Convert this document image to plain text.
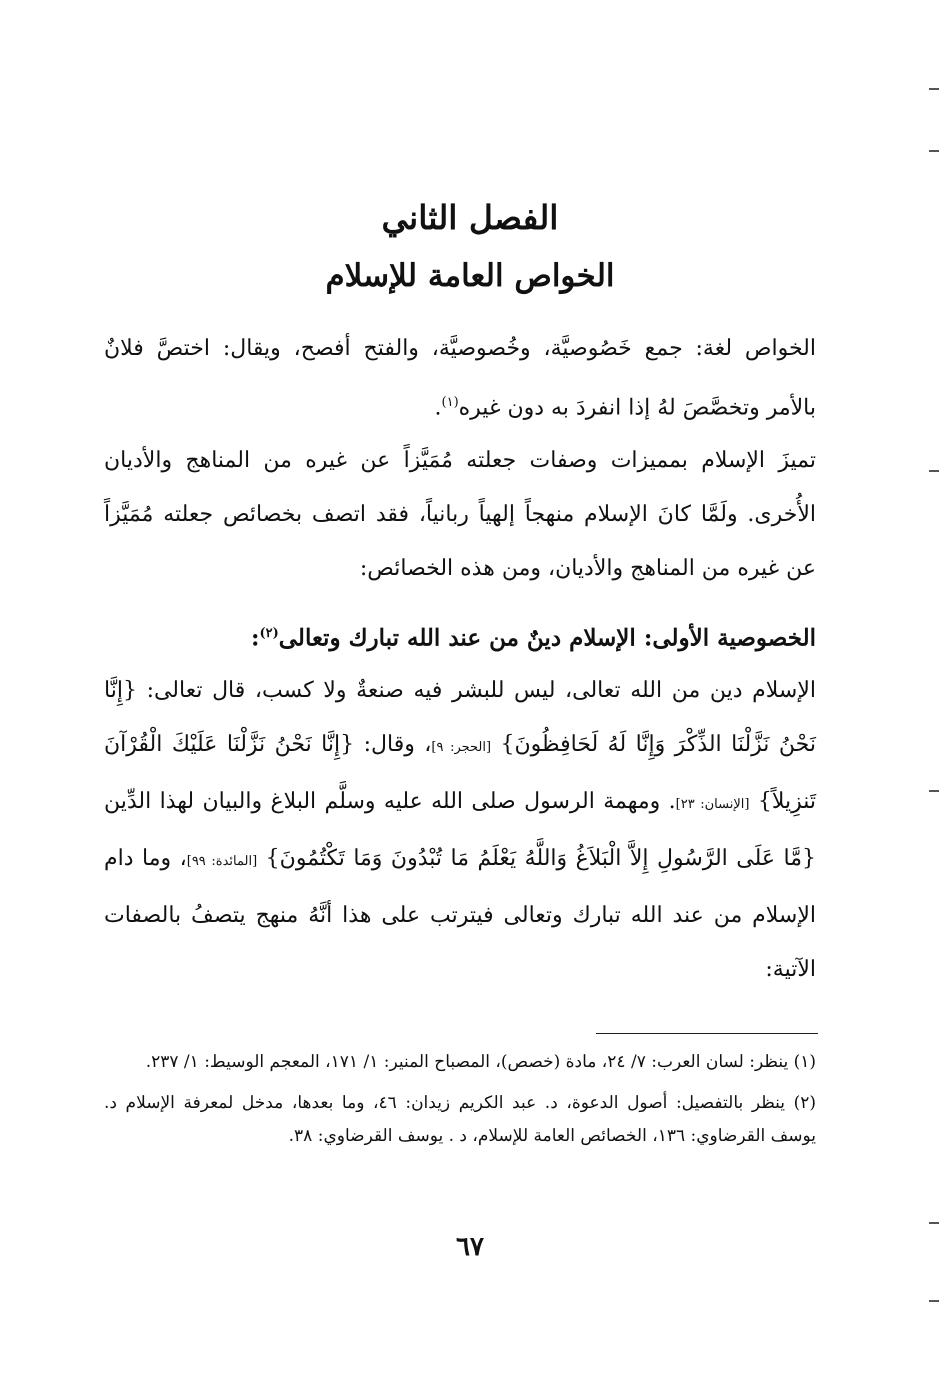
الفصل الثاني
الخواص العامة للإسلام

الخواص لغة: جمع خَصُوصيَّة، وخُصوصيَّة، والفتح أفصح، ويقال: اختصَّ فلانٌ بالأمر وتخصَّصَ لهُ إذا انفردَ به دون غيره$^{(١)}$.

تميزَ الإسلام بمميزات وصفات جعلته مُمَيَّزاً عن غيره من المناهج والأديان الأُخرى. ولَمَّا كانَ الإسلام منهجاً إلهياً ربانياً، فقد اتصف بخصائص جعلته مُمَيَّزاً عن غيره من المناهج والأديان، ومن هذه الخصائص:

الخصوصية الأولى: الإسلام دينٌ من عند الله تبارك وتعالى$^{(٢)}$:

الإسلام دين من الله تعالى، ليس للبشر فيه صنعةٌ ولا كسب، قال تعالى: {إِنَّا نَحْنُ نَزَّلْنَا الذِّكْرَ وَإِنَّا لَهُ لَحَافِظُونَ} [الحجر: ٩]، وقال: {إِنَّا نَحْنُ نَزَّلْنَا عَلَيْكَ الْقُرْآنَ تَنزِيلاً} [الإنسان: ٢٣]. ومهمة الرسول صلى الله عليه وسلَّم البلاغ والبيان لهذا الدِّين {مَّا عَلَى الرَّسُولِ إِلاَّ الْبَلاَغُ وَاللَّهُ يَعْلَمُ مَا تُبْدُونَ وَمَا تَكْتُمُونَ} [المائدة: ٩٩]، وما دام الإسلام من عند الله تبارك وتعالى فيترتب على هذا أنَّهُ منهج يتصفُ بالصفات الآتية:

(١) ينظر: لسان العرب: ٧/ ٢٤، مادة (خصص)، المصباح المنير: ١/ ١٧١، المعجم الوسيط: ١/ ٢٣٧.

(٢) ينظر بالتفصيل: أصول الدعوة، د. عبد الكريم زيدان: ٤٦، وما بعدها، مدخل لمعرفة الإسلام د. يوسف القرضاوي: ١٣٦، الخصائص العامة للإسلام، د . يوسف القرضاوي: ٣٨.

٦٧
